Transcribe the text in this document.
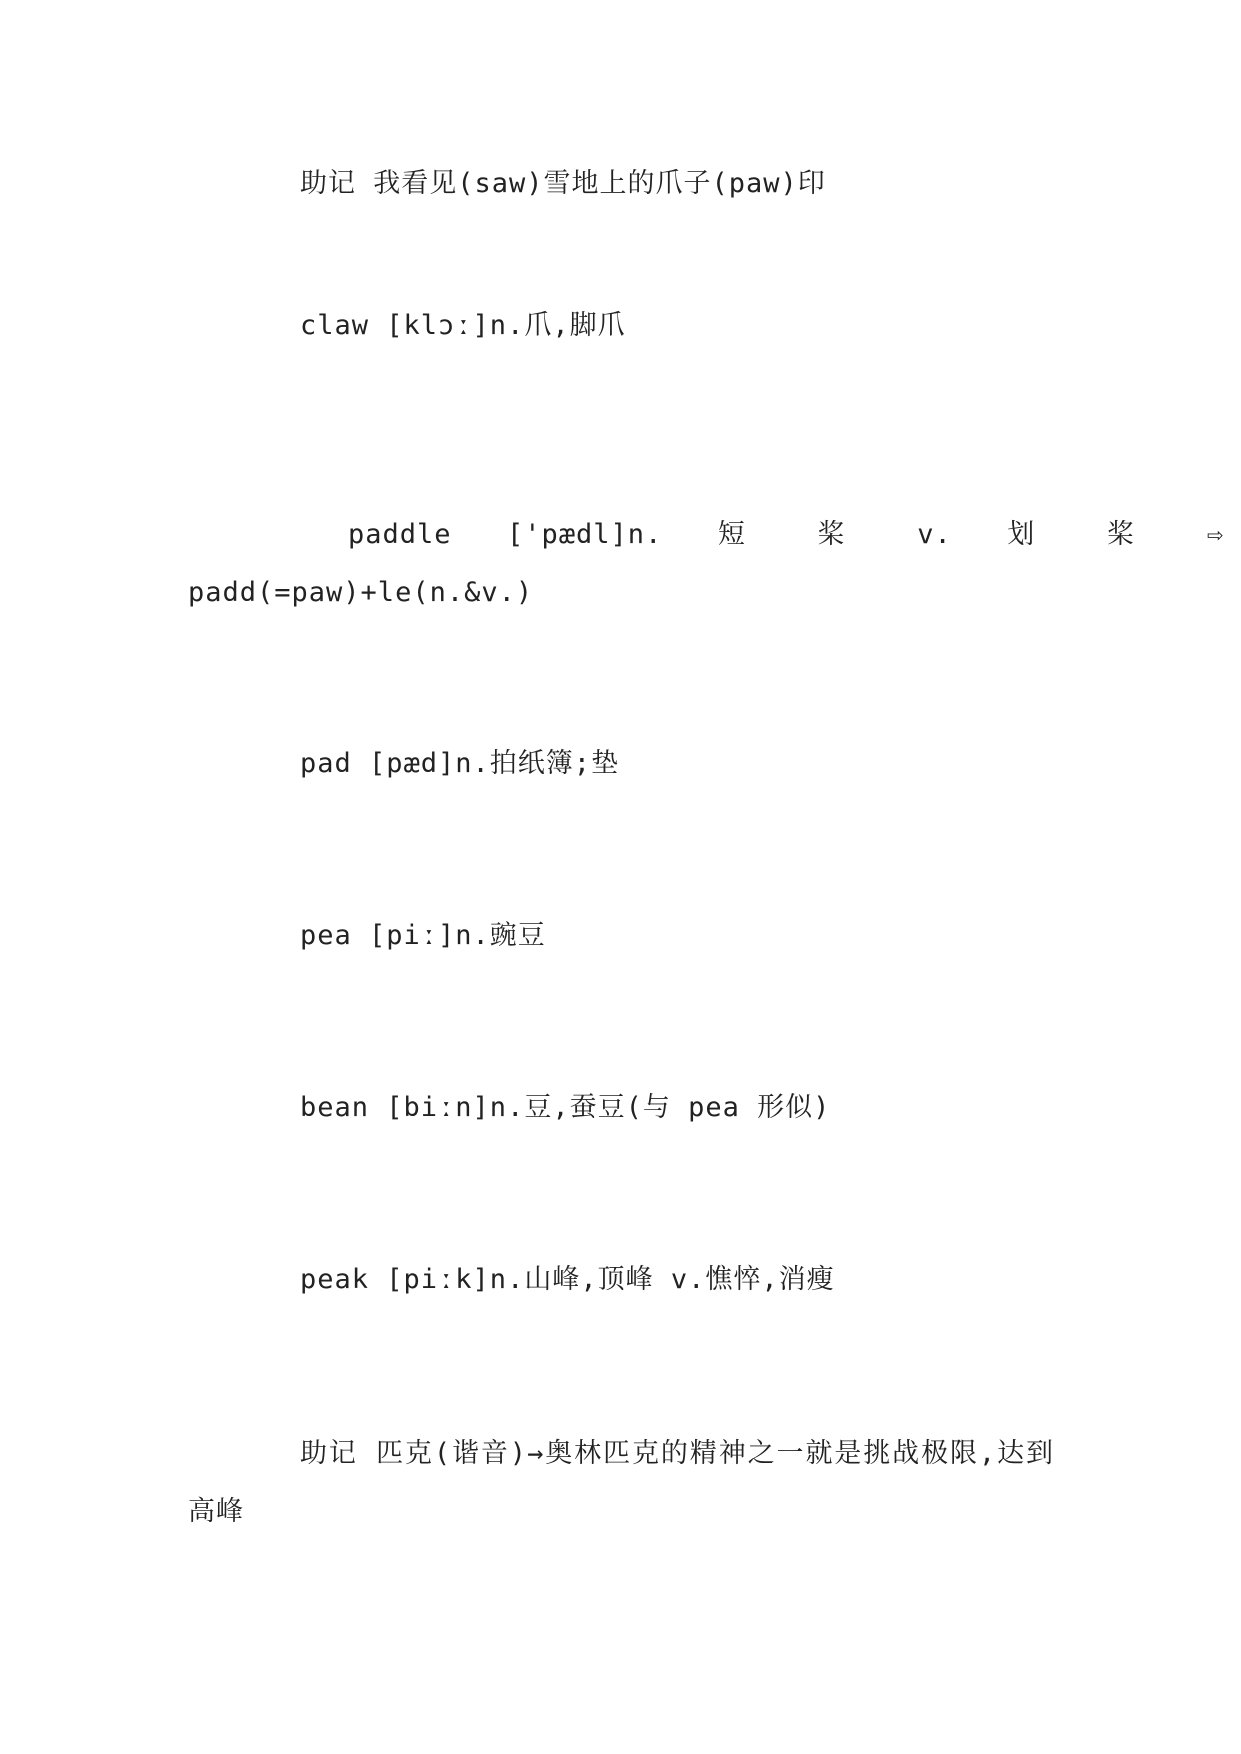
助记 我看见(saw)雪地上的爪子(paw)印

claw [klɔː]n.爪,脚爪

paddle ['pædl]n. 短 桨 v. 划 桨 ⇨
padd(=paw)+le(n.&v.)

pad [pæd]n.拍纸簿;垫

pea [piː]n.豌豆

bean [biːn]n.豆,蚕豆(与 pea 形似)

peak [piːk]n.山峰,顶峰 v.憔悴,消瘦

助记 匹克(谐音)→奥林匹克的精神之一就是挑战极限,达到高峰
